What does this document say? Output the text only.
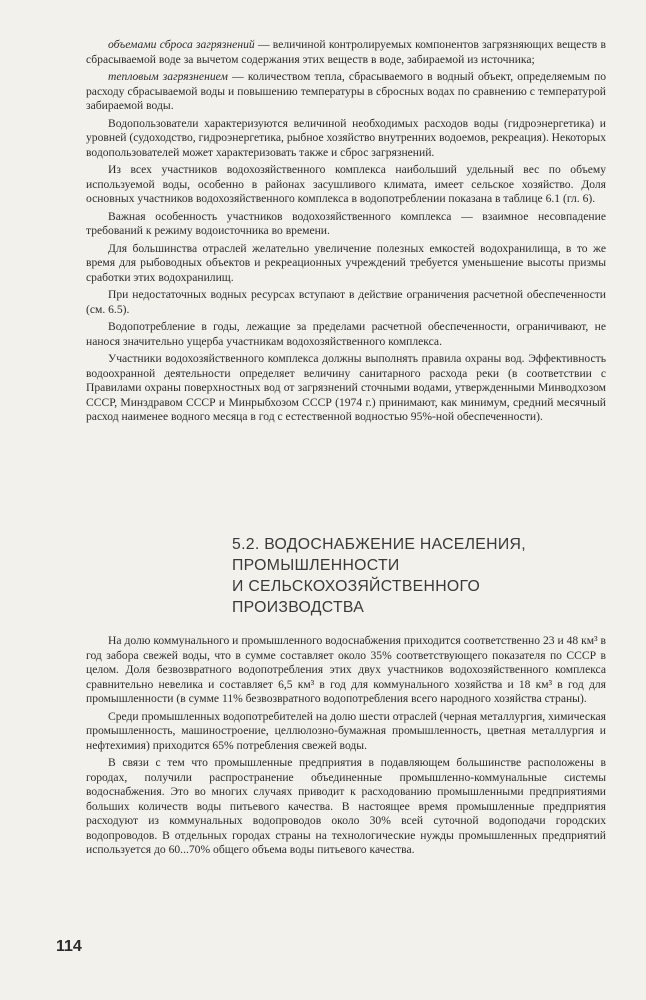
объемами сброса загрязнений — величиной контролируемых компонентов загрязняющих веществ в сбрасываемой воде за вычетом содержания этих веществ в воде, забираемой из источника;

тепловым загрязнением — количеством тепла, сбрасываемого в водный объект, определяемым по расходу сбрасываемой воды и повышению температуры в сбросных водах по сравнению с температурой забираемой воды.

Водопользователи характеризуются величиной необходимых расходов воды (гидроэнергетика) и уровней (судоходство, гидроэнергетика, рыбное хозяйство внутренних водоемов, рекреация). Некоторых водопользователей может характеризовать также и сброс загрязнений.

Из всех участников водохозяйственного комплекса наибольший удельный вес по объему используемой воды, особенно в районах засушливого климата, имеет сельское хозяйство. Доля основных участников водохозяйственного комплекса в водопотреблении показана в таблице 6.1 (гл. 6).

Важная особенность участников водохозяйственного комплекса — взаимное несовпадение требований к режиму водоисточника во времени.

Для большинства отраслей желательно увеличение полезных емкостей водохранилища, в то же время для рыбоводных объектов и рекреационных учреждений требуется уменьшение высоты призмы сработки этих водохранилищ.

При недостаточных водных ресурсах вступают в действие ограничения расчетной обеспеченности (см. 6.5).

Водопотребление в годы, лежащие за пределами расчетной обеспеченности, ограничивают, не нанося значительно ущерба участникам водохозяйственного комплекса.

Участники водохозяйственного комплекса должны выполнять правила охраны вод. Эффективность водоохранной деятельности определяет величину санитарного расхода реки (в соответствии с Правилами охраны поверхностных вод от загрязнений сточными водами, утвержденными Минводхозом СССР, Минздравом СССР и Минрыбхозом СССР (1974 г.) принимают, как минимум, средний месячный расход наименее водного месяца в год с естественной водностью 95%-ной обеспеченности).

5.2. ВОДОСНАБЖЕНИЕ НАСЕЛЕНИЯ,
ПРОМЫШЛЕННОСТИ
И СЕЛЬСКОХОЗЯЙСТВЕННОГО
ПРОИЗВОДСТВА

На долю коммунального и промышленного водоснабжения приходится соответственно 23 и 48 км³ в год забора свежей воды, что в сумме составляет около 35% соответствующего показателя по СССР в целом. Доля безвозвратного водопотребления этих двух участников водохозяйственного комплекса сравнительно невелика и составляет 6,5 км³ в год для коммунального хозяйства и 18 км³ в год для промышленности (в сумме 11% безвозвратного водопотребления всего народного хозяйства страны).

Среди промышленных водопотребителей на долю шести отраслей (черная металлургия, химическая промышленность, машиностроение, целлюлозно-бумажная промышленность, цветная металлургия и нефтехимия) приходится 65% потребления свежей воды.

В связи с тем что промышленные предприятия в подавляющем большинстве расположены в городах, получили распространение объединенные промышленно-коммунальные системы водоснабжения. Это во многих случаях приводит к расходованию промышленными предприятиями больших количеств воды питьевого качества. В настоящее время промышленные предприятия расходуют из коммунальных водопроводов около 30% всей суточной водоподачи городских водопроводов. В отдельных городах страны на технологические нужды промышленных предприятий используется до 60...70% общего объема воды питьевого качества.

114
